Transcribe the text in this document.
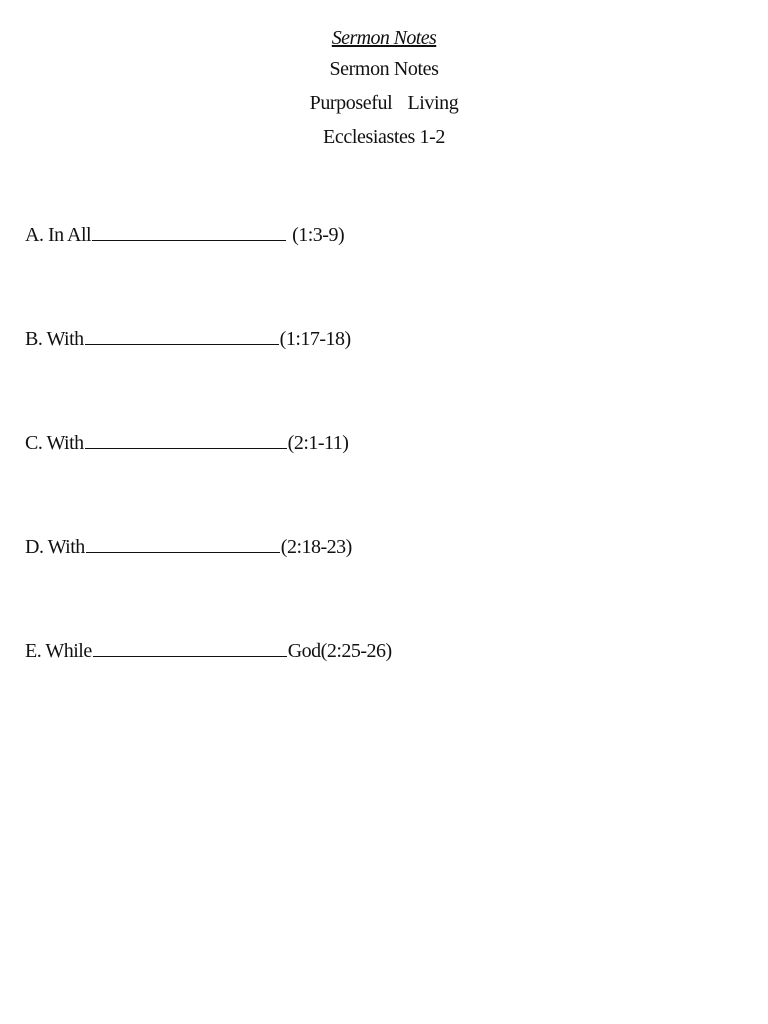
Sermon Notes
Sermon Notes
Purposeful  Living
Ecclesiastes 1-2
A. In All	(1:3-9)
B. With	(1:17-18)
C. With	(2:1-11)
D. With	(2:18-23)
E. While	God(2:25-26)
